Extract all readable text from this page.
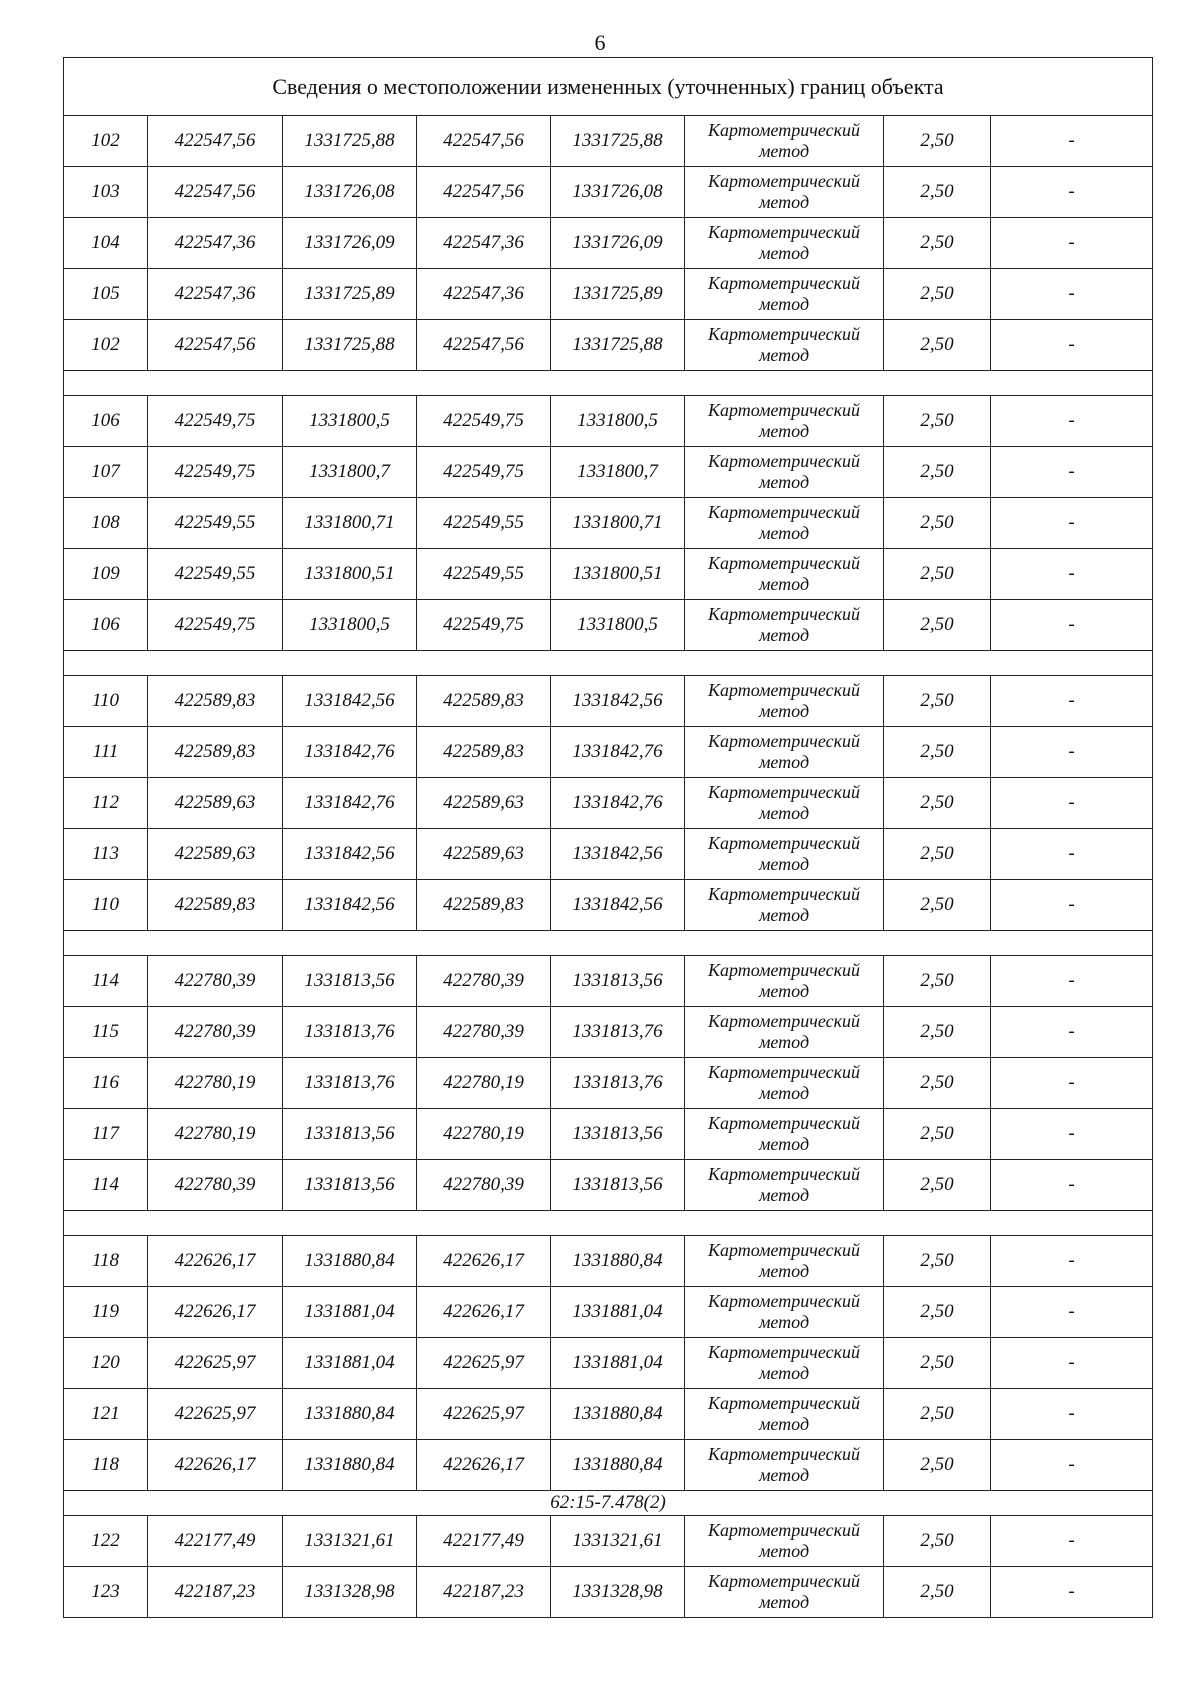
6
Сведения о местоположении измененных (уточненных) границ объекта							
102	422547,56	1331725,88	422547,56	1331725,88	Картометрический метод	2,50	-
103	422547,56	1331726,08	422547,56	1331726,08	Картометрический метод	2,50	-
104	422547,36	1331726,09	422547,36	1331726,09	Картометрический метод	2,50	-
105	422547,36	1331725,89	422547,36	1331725,89	Картометрический метод	2,50	-
102	422547,56	1331725,88	422547,56	1331725,88	Картометрический метод	2,50	-

106	422549,75	1331800,5	422549,75	1331800,5	Картометрический метод	2,50	-
107	422549,75	1331800,7	422549,75	1331800,7	Картометрический метод	2,50	-
108	422549,55	1331800,71	422549,55	1331800,71	Картометрический метод	2,50	-
109	422549,55	1331800,51	422549,55	1331800,51	Картометрический метод	2,50	-
106	422549,75	1331800,5	422549,75	1331800,5	Картометрический метод	2,50	-

110	422589,83	1331842,56	422589,83	1331842,56	Картометрический метод	2,50	-
111	422589,83	1331842,76	422589,83	1331842,76	Картометрический метод	2,50	-
112	422589,63	1331842,76	422589,63	1331842,76	Картометрический метод	2,50	-
113	422589,63	1331842,56	422589,63	1331842,56	Картометрический метод	2,50	-
110	422589,83	1331842,56	422589,83	1331842,56	Картометрический метод	2,50	-

114	422780,39	1331813,56	422780,39	1331813,56	Картометрический метод	2,50	-
115	422780,39	1331813,76	422780,39	1331813,76	Картометрический метод	2,50	-
116	422780,19	1331813,76	422780,19	1331813,76	Картометрический метод	2,50	-
117	422780,19	1331813,56	422780,19	1331813,56	Картометрический метод	2,50	-
114	422780,39	1331813,56	422780,39	1331813,56	Картометрический метод	2,50	-

118	422626,17	1331880,84	422626,17	1331880,84	Картометрический метод	2,50	-
119	422626,17	1331881,04	422626,17	1331881,04	Картометрический метод	2,50	-
120	422625,97	1331881,04	422625,97	1331881,04	Картометрический метод	2,50	-
121	422625,97	1331880,84	422625,97	1331880,84	Картометрический метод	2,50	-
118	422626,17	1331880,84	422626,17	1331880,84	Картометрический метод	2,50	-
62:15-7.478(2)							
122	422177,49	1331321,61	422177,49	1331321,61	Картометрический метод	2,50	-
123	422187,23	1331328,98	422187,23	1331328,98	Картометрический метод	2,50	-
